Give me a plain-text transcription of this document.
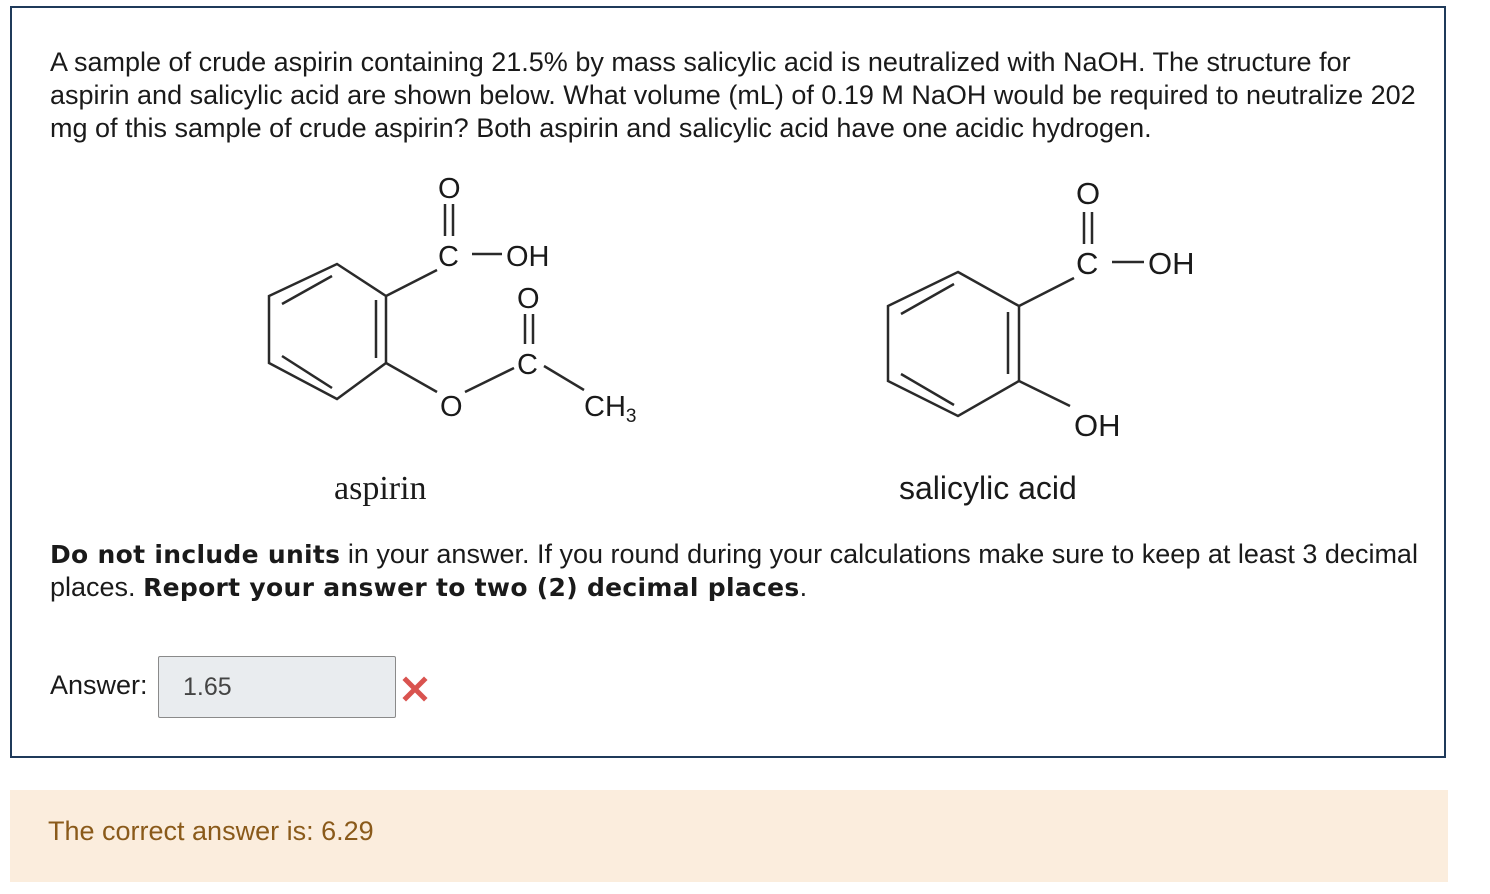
A sample of crude aspirin containing 21.5% by mass salicylic acid is neutralized with NaOH. The structure for aspirin and salicylic acid are shown below. What volume (mL) of 0.19 M NaOH would be required to neutralize 202 mg of this sample of crude aspirin? Both aspirin and salicylic acid have one acidic hydrogen.

O
C OH
O
C
O	$CH_3$
aspirin
O
C OH
OH
salicylic acid

Do not include units in your answer. If you round during your calculations make sure to keep at least 3 decimal places. Report your answer to two (2) decimal places.

Answer:
1.65
The correct answer is: 6.29
